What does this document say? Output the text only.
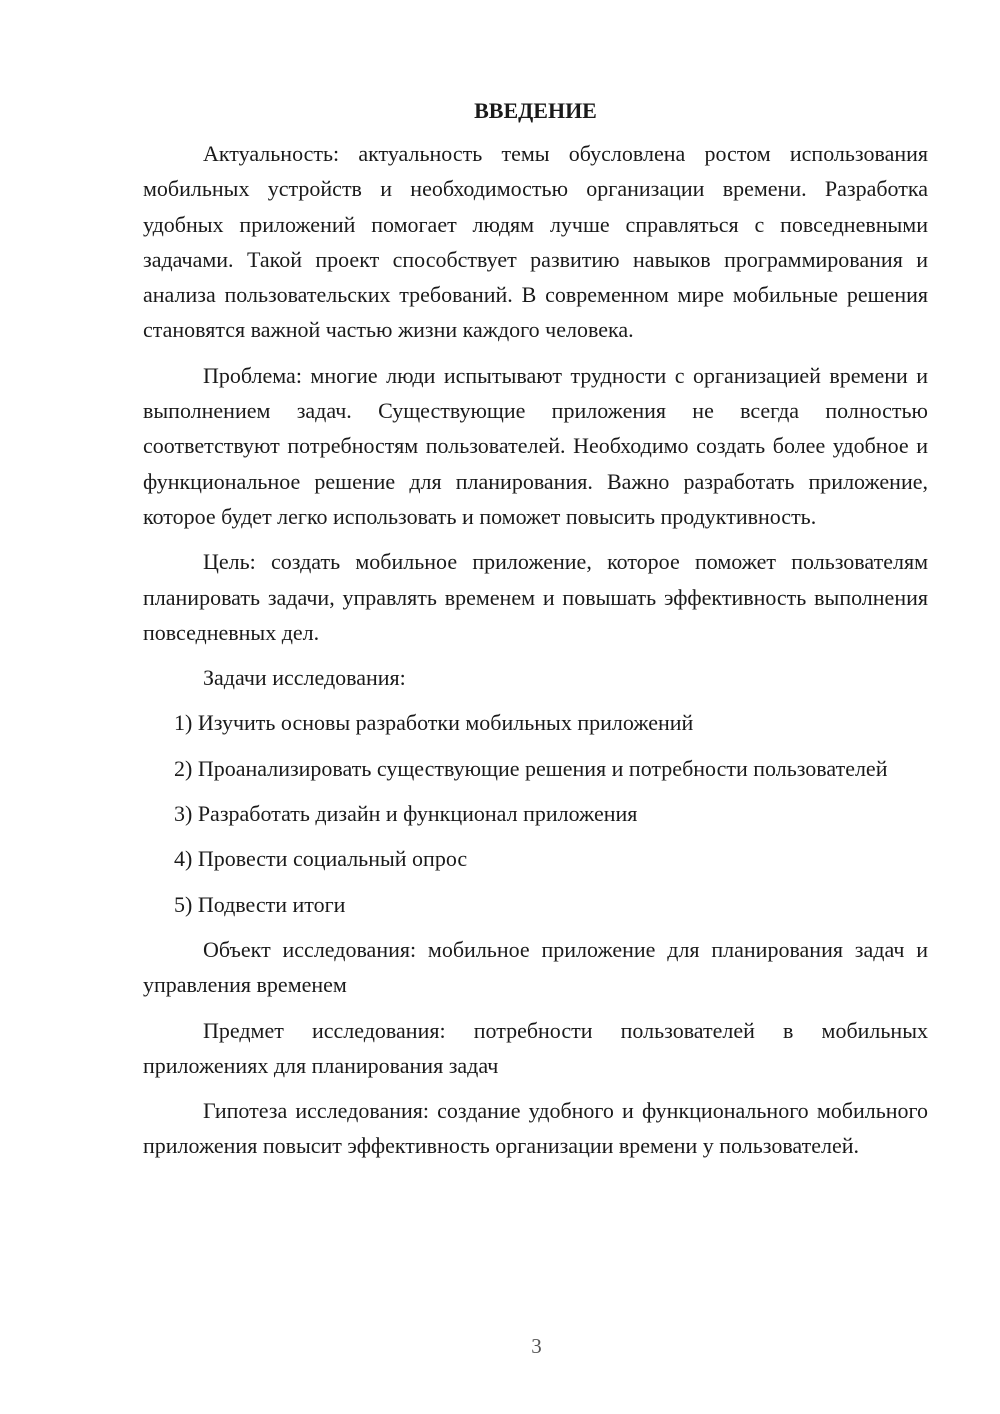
ВВЕДЕНИЕ

Актуальность: актуальность темы обусловлена ростом использования мобильных устройств и необходимостью организации времени. Разработка удобных приложений помогает людям лучше справляться с повседневными задачами. Такой проект способствует развитию навыков программирования и анализа пользовательских требований. В современном мире мобильные решения становятся важной частью жизни каждого человека.

Проблема: многие люди испытывают трудности с организацией времени и выполнением задач. Существующие приложения не всегда полностью соответствуют потребностям пользователей. Необходимо создать более удобное и функциональное решение для планирования. Важно разработать приложение, которое будет легко использовать и поможет повысить продуктивность.

Цель: создать мобильное приложение, которое поможет пользователям планировать задачи, управлять временем и повышать эффективность выполнения повседневных дел.

Задачи исследования:

1) Изучить основы разработки мобильных приложений

2) Проанализировать существующие решения и потребности пользователей

3) Разработать дизайн и функционал приложения

4) Провести социальный опрос

5) Подвести итоги

Объект исследования: мобильное приложение для планирования задач и управления временем

Предмет исследования: потребности пользователей в мобильных приложениях для планирования задач

Гипотеза исследования: создание удобного и функционального мобильного приложения повысит эффективность организации времени у пользователей.

3
